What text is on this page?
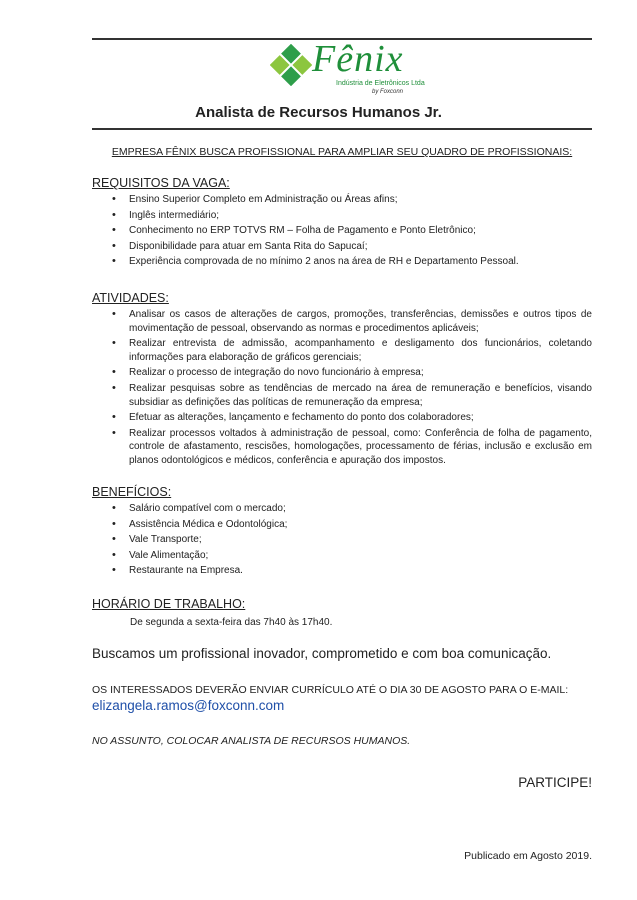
Fênix
Indústria de Eletrônicos Ltda
by Foxconn
Analista de Recursos Humanos Jr.
EMPRESA FÊNIX BUSCA PROFISSIONAL PARA AMPLIAR SEU QUADRO DE PROFISSIONAIS:
REQUISITOS DA VAGA:
• Ensino Superior Completo em Administração ou Áreas afins;
• Inglês intermediário;
• Conhecimento no ERP TOTVS RM – Folha de Pagamento e Ponto Eletrônico;
• Disponibilidade para atuar em Santa Rita do Sapucaí;
• Experiência comprovada de no mínimo 2 anos na área de RH e Departamento Pessoal.
ATIVIDADES:
• Analisar os casos de alterações de cargos, promoções, transferências, demissões e outros tipos de movimentação de pessoal, observando as normas e procedimentos aplicáveis;
• Realizar entrevista de admissão, acompanhamento e desligamento dos funcionários, coletando informações para elaboração de gráficos gerenciais;
• Realizar o processo de integração do novo funcionário à empresa;
• Realizar pesquisas sobre as tendências de mercado na área de remuneração e benefícios, visando subsidiar as definições das políticas de remuneração da empresa;
• Efetuar as alterações, lançamento e fechamento do ponto dos colaboradores;
• Realizar processos voltados à administração de pessoal, como: Conferência de folha de pagamento, controle de afastamento, rescisões, homologações, processamento de férias, inclusão e exclusão em planos odontológicos e médicos, conferência e apuração dos impostos.
BENEFÍCIOS:
• Salário compatível com o mercado;
• Assistência Médica e Odontológica;
• Vale Transporte;
• Vale Alimentação;
• Restaurante na Empresa.
HORÁRIO DE TRABALHO:
De segunda a sexta-feira das 7h40 às 17h40.
Buscamos um profissional inovador, comprometido e com boa comunicação.
OS INTERESSADOS DEVERÃO ENVIAR CURRÍCULO ATÉ O DIA 30 DE AGOSTO PARA O E-MAIL:
elizangela.ramos@foxconn.com
NO ASSUNTO, COLOCAR ANALISTA DE RECURSOS HUMANOS.
PARTICIPE!
Publicado em Agosto 2019.
